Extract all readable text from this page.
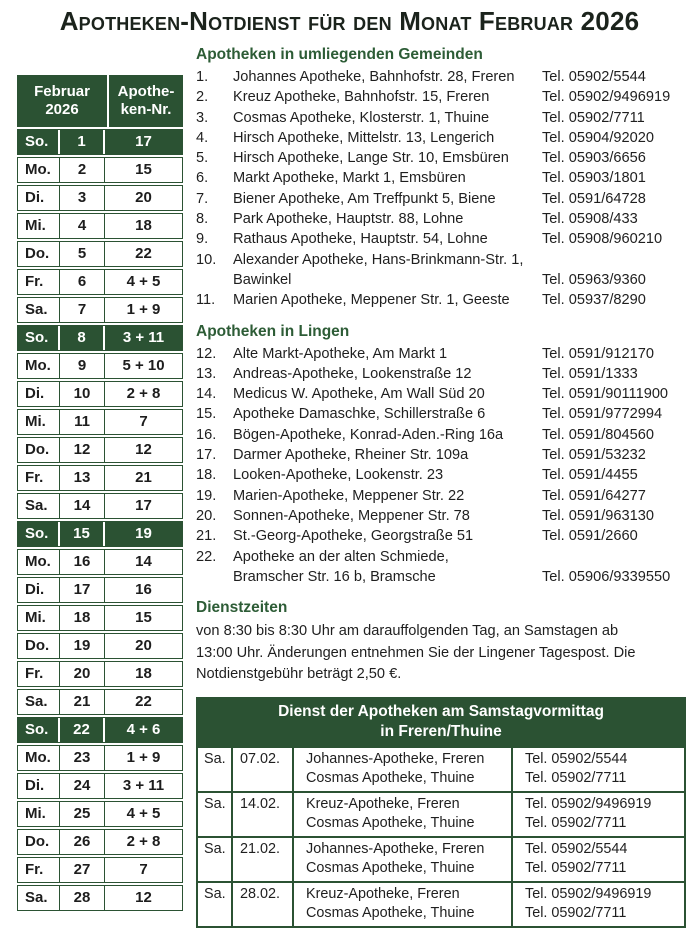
Apotheken-Notdienst für den Monat Februar 2026
Februar
2026
Apothe-
ken-Nr.
So.	1	17
Mo.	2	15
Di.	3	20
Mi.	4	18
Do.	5	22
Fr.	6	4 + 5
Sa.	7	1 + 9
So.	8	3 + 11
Mo.	9	5 + 10
Di.	10	2 + 8
Mi.	11	7
Do.	12	12
Fr.	13	21
Sa.	14	17
So.	15	19
Mo.	16	14
Di.	17	16
Mi.	18	15
Do.	19	20
Fr.	20	18
Sa.	21	22
So.	22	4 + 6
Mo.	23	1 + 9
Di.	24	3 + 11
Mi.	25	4 + 5
Do.	26	2 + 8
Fr.	27	7
Sa.	28	12
Apotheken in umliegenden Gemeinden
1.	Johannes Apotheke, Bahnhofstr. 28, Freren	Tel. 05902/5544
2.	Kreuz Apotheke, Bahnhofstr. 15, Freren	Tel. 05902/9496919
3.	Cosmas Apotheke, Klosterstr. 1, Thuine	Tel. 05902/7711
4.	Hirsch Apotheke, Mittelstr. 13, Lengerich	Tel. 05904/92020
5.	Hirsch Apotheke, Lange Str. 10, Emsbüren	Tel. 05903/6656
6.	Markt Apotheke, Markt 1, Emsbüren	Tel. 05903/1801
7.	Biener Apotheke, Am Treffpunkt 5, Biene	Tel. 0591/64728
8.	Park Apotheke, Hauptstr. 88, Lohne	Tel. 05908/433
9.	Rathaus Apotheke, Hauptstr. 54, Lohne	Tel. 05908/960210
10.	Alexander Apotheke, Hans-Brinkmann-Str. 1,
Bawinkel	Tel. 05963/9360
11.	Marien Apotheke, Meppener Str. 1, Geeste	Tel. 05937/8290
Apotheken in Lingen
12.	Alte Markt-Apotheke, Am Markt 1	Tel. 0591/912170
13.	Andreas-Apotheke, Lookenstraße 12	Tel. 0591/1333
14.	Medicus W. Apotheke, Am Wall Süd 20	Tel. 0591/90111900
15.	Apotheke Damaschke, Schillerstraße 6	Tel. 0591/9772994
16.	Bögen-Apotheke, Konrad-Aden.-Ring 16a	Tel. 0591/804560
17.	Darmer Apotheke, Rheiner Str. 109a	Tel. 0591/53232
18.	Looken-Apotheke, Lookenstr. 23	Tel. 0591/4455
19.	Marien-Apotheke, Meppener Str. 22	Tel. 0591/64277
20.	Sonnen-Apotheke, Meppener Str. 78	Tel. 0591/963130
21.	St.-Georg-Apotheke, Georgstraße 51	Tel. 0591/2660
22.	Apotheke an der alten Schmiede,
Bramscher Str. 16 b, Bramsche	Tel. 05906/9339550
Dienstzeiten
von 8:30 bis 8:30 Uhr am darauffolgenden Tag, an Samstagen ab
13:00 Uhr. Änderungen entnehmen Sie der Lingener Tagespost. Die
Notdienstgebühr beträgt 2,50 €.
Dienst der Apotheken am Samstagvormittag
in Freren/Thuine
Sa. 07.02.	Johannes-Apotheke, Freren
Cosmas Apotheke, Thuine
Tel. 05902/5544
Tel. 05902/7711
Sa. 14.02.	Kreuz-Apotheke, Freren
Cosmas Apotheke, Thuine
Tel. 05902/9496919
Tel. 05902/7711
Sa. 21.02.	Johannes-Apotheke, Freren
Cosmas Apotheke, Thuine
Tel. 05902/5544
Tel. 05902/7711
Sa. 28.02.	Kreuz-Apotheke, Freren
Cosmas Apotheke, Thuine
Tel. 05902/9496919
Tel. 05902/7711
